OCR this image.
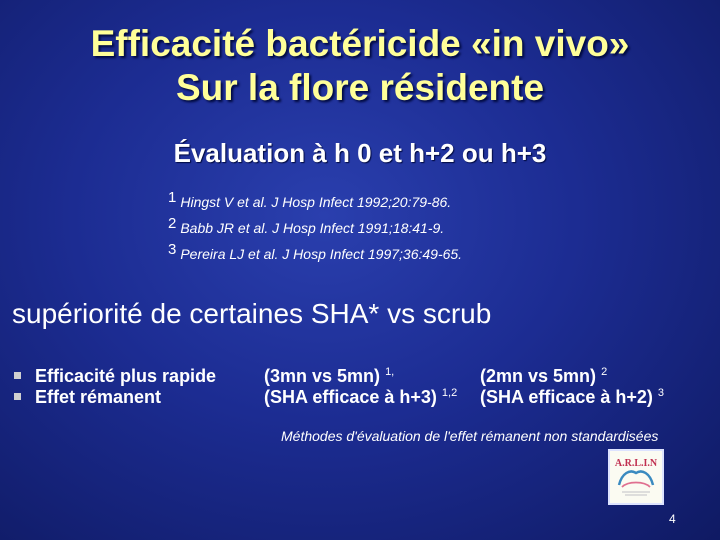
Efficacité bactéricide «in vivo»
Sur la flore résidente
Évaluation à h 0 et h+2 ou h+3
1 Hingst V et al. J Hosp Infect 1992;20:79-86.
2 Babb JR et al. J Hosp Infect 1991;18:41-9.
3 Pereira LJ et al. J Hosp Infect 1997;36:49-65.
supériorité de certaines SHA* vs scrub
Efficacité plus rapide
Effet rémanent
(3mn vs 5mn) $^{1,}$
(SHA efficace à h+3) $^{1,2}$
(2mn vs 5mn) $^2$
(SHA efficace à h+2) $^3$
Méthodes d'évaluation de l'effet rémanent non standardisées
A.R.L.I.N
4
